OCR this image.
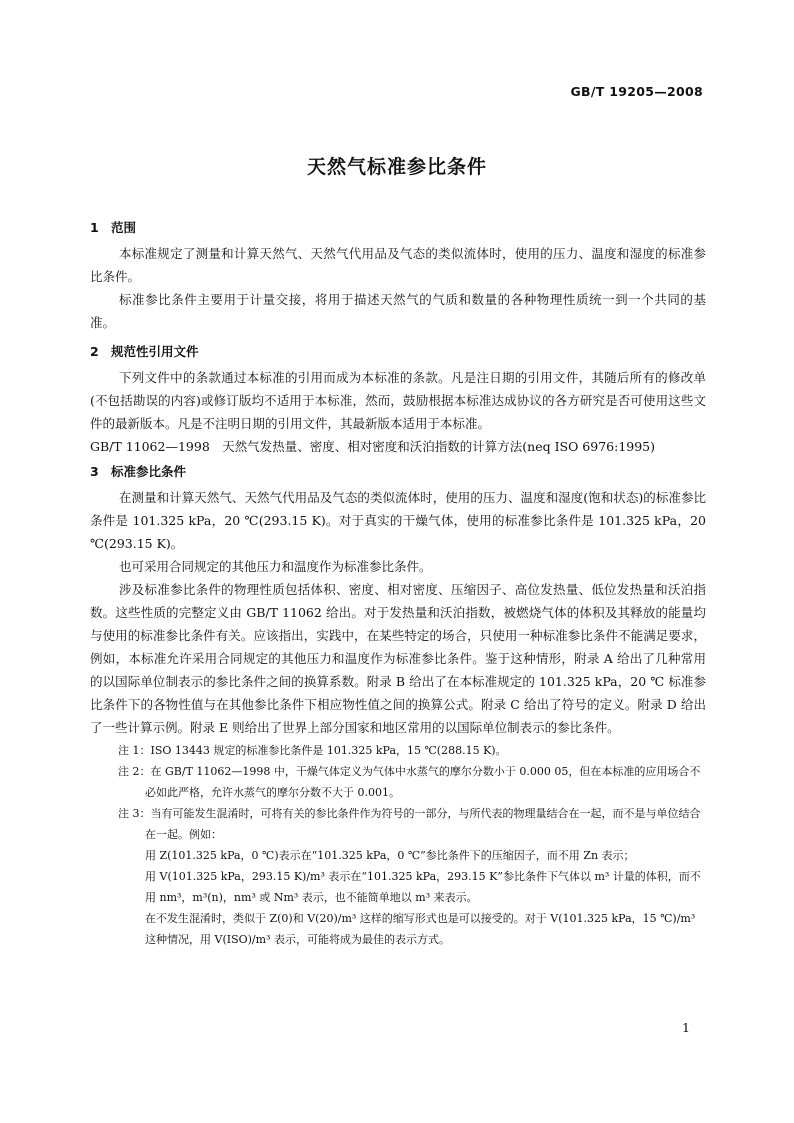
GB/T 19205—2008
天然气标准参比条件
1 范围

本标准规定了测量和计算天然气、天然气代用品及气态的类似流体时，使用的压力、温度和湿度的标准参比条件。

标准参比条件主要用于计量交接，将用于描述天然气的气质和数量的各种物理性质统一到一个共同的基准。

2 规范性引用文件

下列文件中的条款通过本标准的引用而成为本标准的条款。凡是注日期的引用文件，其随后所有的修改单(不包括勘误的内容)或修订版均不适用于本标准，然而，鼓励根据本标准达成协议的各方研究是否可使用这些文件的最新版本。凡是不注明日期的引用文件，其最新版本适用于本标准。

GB/T 11062—1998　天然气发热量、密度、相对密度和沃泊指数的计算方法(neq ISO 6976:1995)

3 标准参比条件

在测量和计算天然气、天然气代用品及气态的类似流体时，使用的压力、温度和湿度(饱和状态)的标准参比条件是 101.325 kPa，20 ℃(293.15 K)。对于真实的干燥气体，使用的标准参比条件是 101.325 kPa，20 ℃(293.15 K)。

也可采用合同规定的其他压力和温度作为标准参比条件。

涉及标准参比条件的物理性质包括体积、密度、相对密度、压缩因子、高位发热量、低位发热量和沃泊指数。这些性质的完整定义由 GB/T 11062 给出。对于发热量和沃泊指数，被燃烧气体的体积及其释放的能量均与使用的标准参比条件有关。应该指出，实践中，在某些特定的场合，只使用一种标准参比条件不能满足要求，例如，本标准允许采用合同规定的其他压力和温度作为标准参比条件。鉴于这种情形，附录 A 给出了几种常用的以国际单位制表示的参比条件之间的换算系数。附录 B 给出了在本标准规定的 101.325 kPa，20 ℃ 标准参比条件下的各物性值与在其他参比条件下相应物性值之间的换算公式。附录 C 给出了符号的定义。附录 D 给出了一些计算示例。附录 E 则给出了世界上部分国家和地区常用的以国际单位制表示的参比条件。

注 1：ISO 13443 规定的标准参比条件是 101.325 kPa，15 ℃(288.15 K)。

注 2：在 GB/T 11062—1998 中，干燥气体定义为气体中水蒸气的摩尔分数小于 0.000 05，但在本标准的应用场合不必如此严格，允许水蒸气的摩尔分数不大于 0.001。

注 3：当有可能发生混淆时，可将有关的参比条件作为符号的一部分，与所代表的物理量结合在一起，而不是与单位结合在一起。例如：

用 Z(101.325 kPa，0 ℃)表示在“101.325 kPa，0 ℃”参比条件下的压缩因子，而不用 Zn 表示；

用 V(101.325 kPa，293.15 K)/m³ 表示在“101.325 kPa，293.15 K”参比条件下气体以 m³ 计量的体积，而不用 nm³，m³(n)，nm³ 或 Nm³ 表示，也不能简单地以 m³ 来表示。

在不发生混淆时，类似于 Z(0)和 V(20)/m³ 这样的缩写形式也是可以接受的。对于 V(101.325 kPa，15 ℃)/m³ 这种情况，用 V(ISO)/m³ 表示，可能将成为最佳的表示方式。

1
